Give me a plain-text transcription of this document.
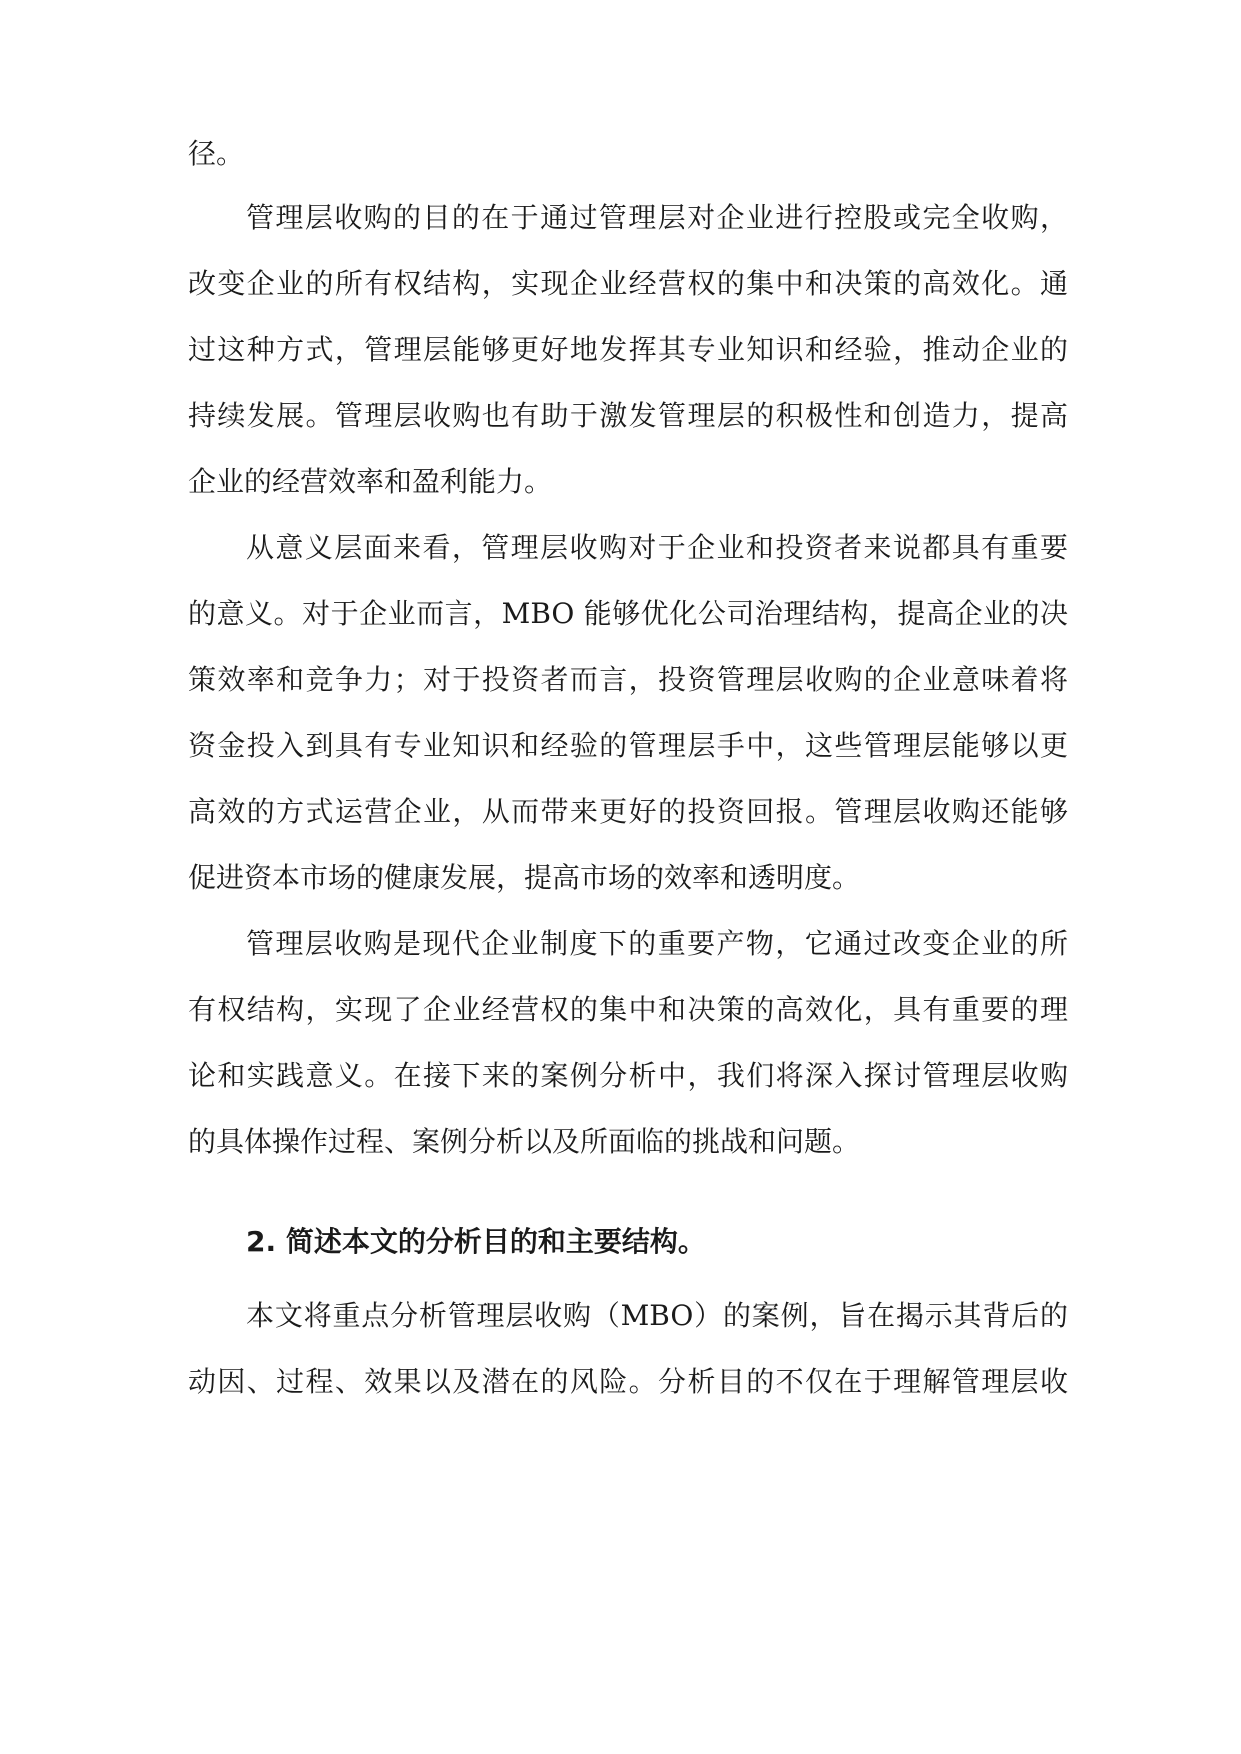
径。
管理层收购的目的在于通过管理层对企业进行控股或完全收购，
改变企业的所有权结构，实现企业经营权的集中和决策的高效化。通
过这种方式，管理层能够更好地发挥其专业知识和经验，推动企业的
持续发展。管理层收购也有助于激发管理层的积极性和创造力，提高
企业的经营效率和盈利能力。
从意义层面来看，管理层收购对于企业和投资者来说都具有重要
的意义。对于企业而言，MBO 能够优化公司治理结构，提高企业的决
策效率和竞争力；对于投资者而言，投资管理层收购的企业意味着将
资金投入到具有专业知识和经验的管理层手中，这些管理层能够以更
高效的方式运营企业，从而带来更好的投资回报。管理层收购还能够
促进资本市场的健康发展，提高市场的效率和透明度。
管理层收购是现代企业制度下的重要产物，它通过改变企业的所
有权结构，实现了企业经营权的集中和决策的高效化，具有重要的理
论和实践意义。在接下来的案例分析中，我们将深入探讨管理层收购
的具体操作过程、案例分析以及所面临的挑战和问题。
2. 简述本文的分析目的和主要结构。
本文将重点分析管理层收购（MBO）的案例，旨在揭示其背后的
动因、过程、效果以及潜在的风险。分析目的不仅在于理解管理层收
